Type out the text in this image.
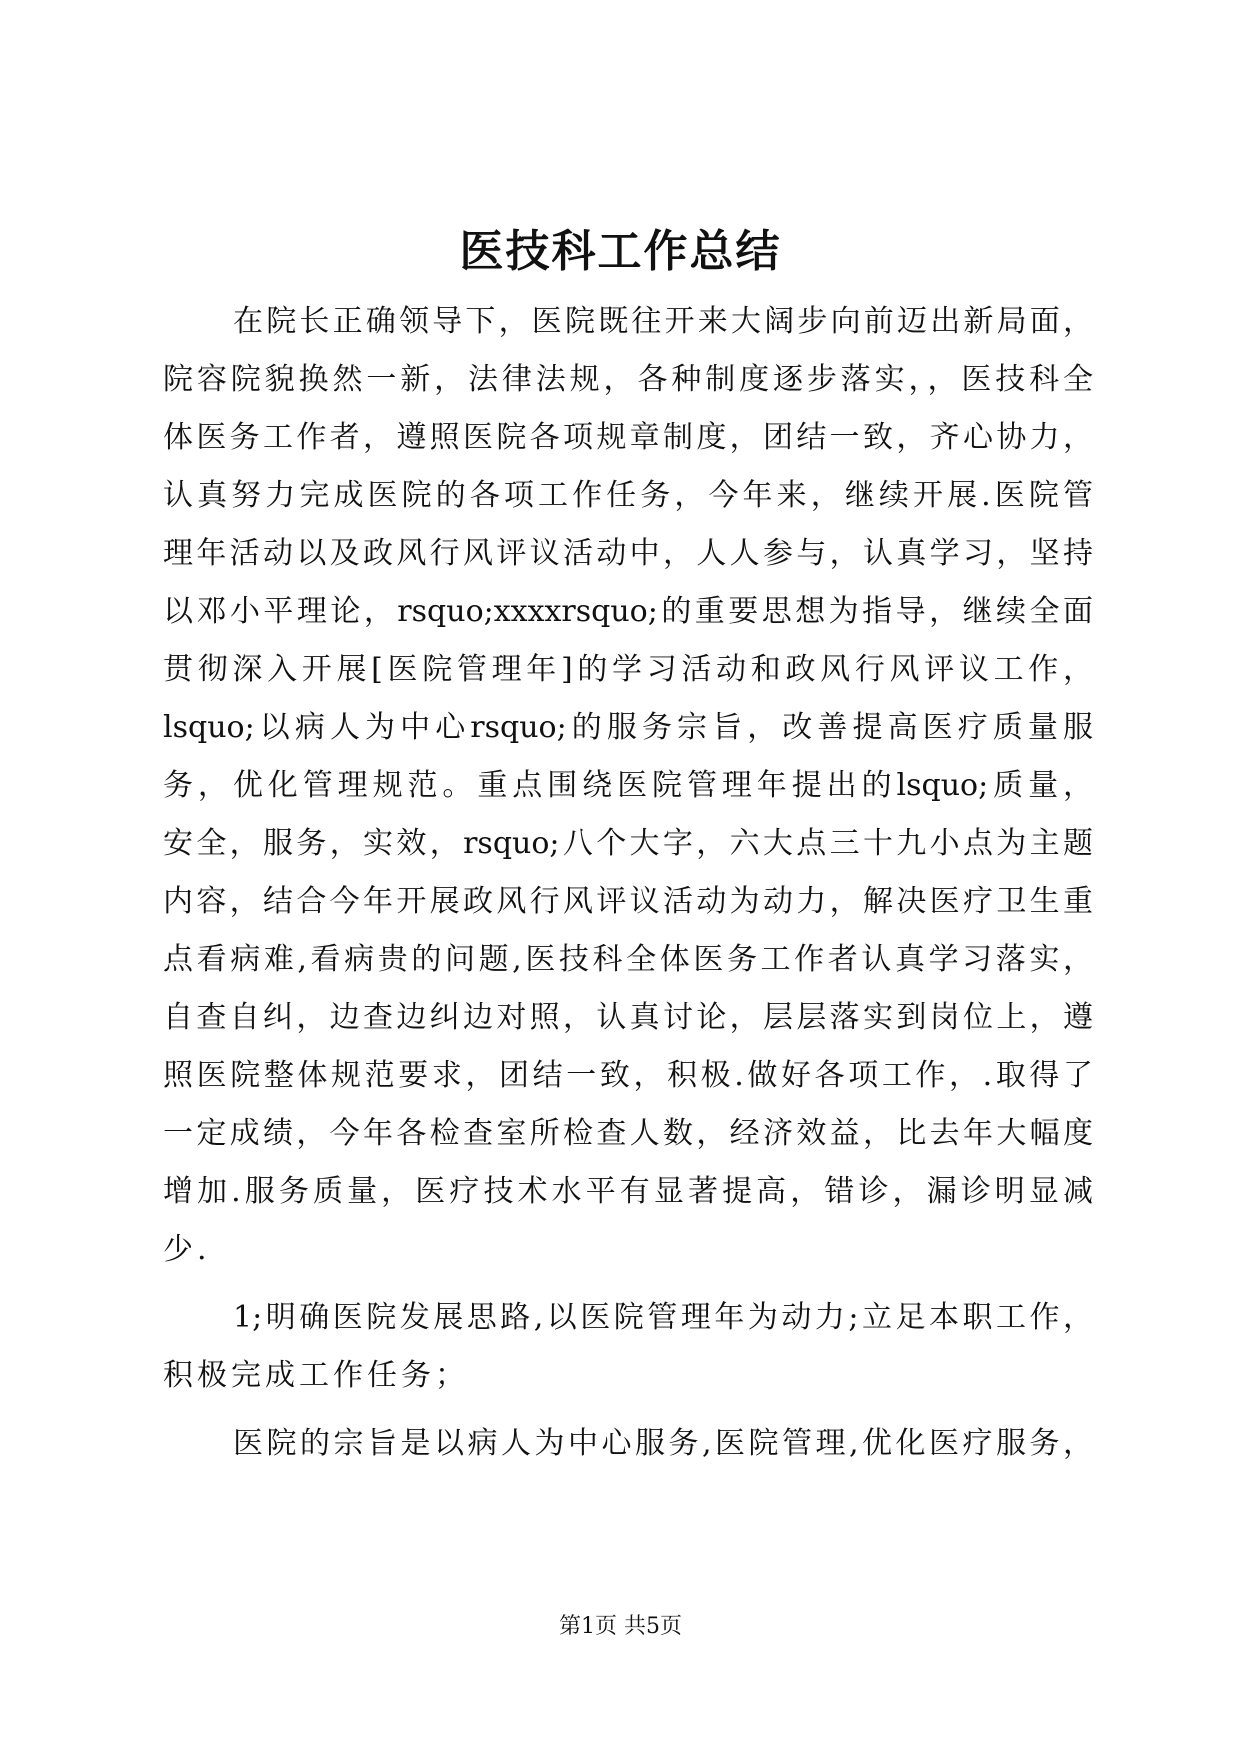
医技科工作总结
在院长正确领导下，医院既往开来大阔步向前迈出新局面，
院容院貌换然一新，法律法规，各种制度逐步落实，，医技科全
体医务工作者，遵照医院各项规章制度，团结一致，齐心协力，
认真努力完成医院的各项工作任务，今年来，继续开展.医院管
理年活动以及政风行风评议活动中，人人参与，认真学习，坚持
以邓小平理论，rsquo;xxxxrsquo;的重要思想为指导，继续全面
贯彻深入开展[医院管理年]的学习活动和政风行风评议工作，
lsquo;以病人为中心rsquo;的服务宗旨，改善提高医疗质量服
务，优化管理规范。重点围绕医院管理年提出的lsquo;质量，
安全，服务，实效，rsquo;八个大字，六大点三十九小点为主题
内容，结合今年开展政风行风评议活动为动力，解决医疗卫生重
点看病难,看病贵的问题,医技科全体医务工作者认真学习落实，
自查自纠，边查边纠边对照，认真讨论，层层落实到岗位上，遵
照医院整体规范要求，团结一致，积极.做好各项工作，.取得了
一定成绩，今年各检查室所检查人数，经济效益，比去年大幅度
增加.服务质量，医疗技术水平有显著提高，错诊，漏诊明显减
少.
1;明确医院发展思路,以医院管理年为动力;立足本职工作，
积极完成工作任务；
医院的宗旨是以病人为中心服务,医院管理,优化医疗服务，
第1页 共5页
